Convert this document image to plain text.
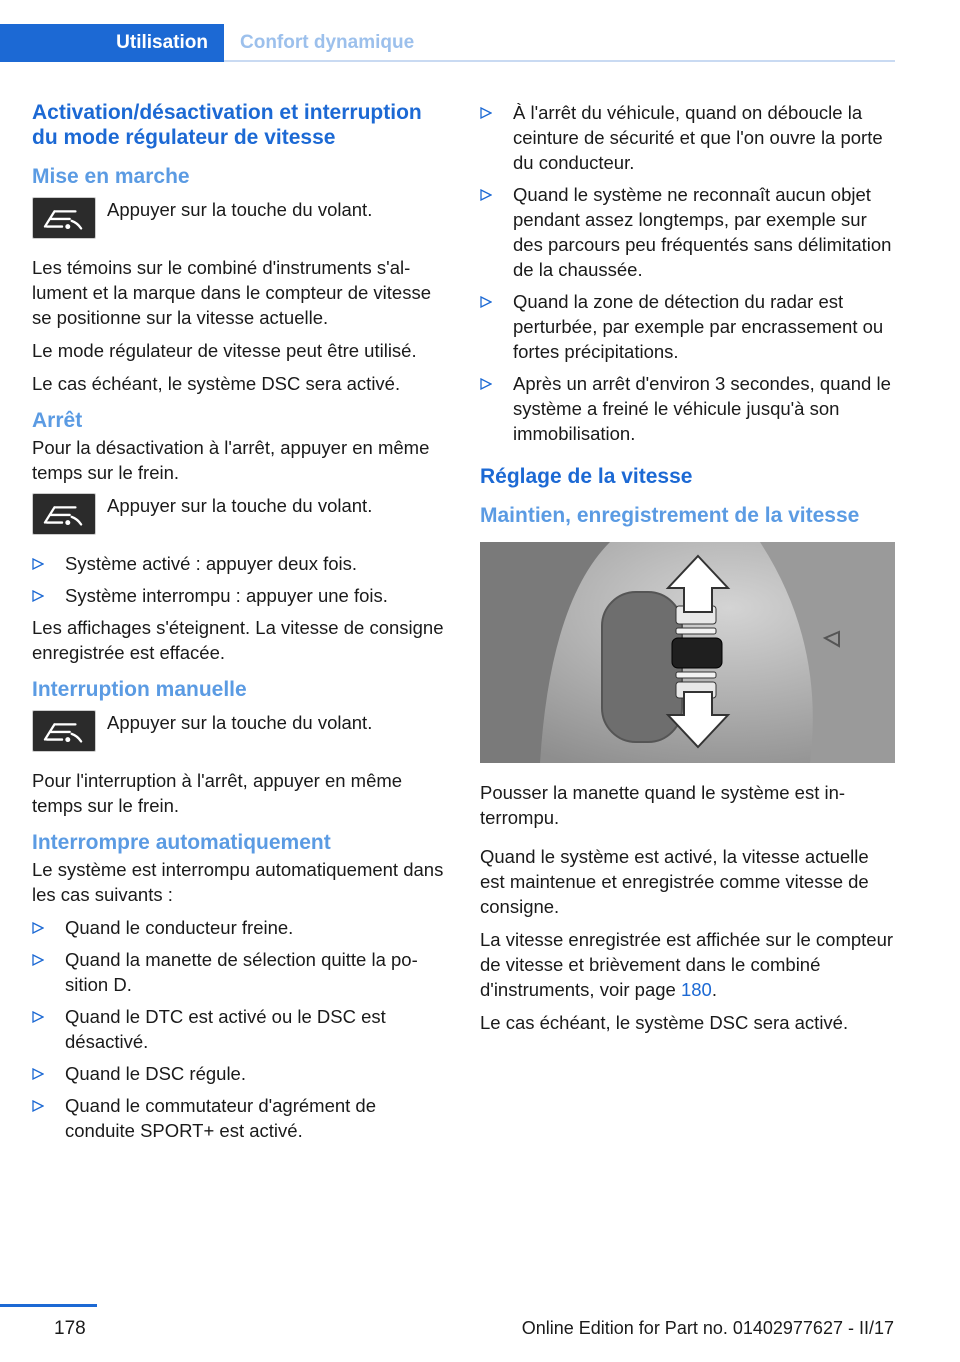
Utilisation	Confort dynamique
Activation/désactivation et interruption du mode régulateur de vitesse
Mise en marche
Appuyer sur la touche du volant.

Les témoins sur le combiné d'instruments s'allument et la marque dans le compteur de vitesse se positionne sur la vitesse actuelle.

Le mode régulateur de vitesse peut être utilisé.

Le cas échéant, le système DSC sera activé.

Arrêt

Pour la désactivation à l'arrêt, appuyer en même temps sur le frein.

Appuyer sur la touche du volant.
Système activé : appuyer deux fois.
Système interrompu : appuyer une fois.

Les affichages s'éteignent. La vitesse de consigne enregistrée est effacée.

Interruption manuelle
Appuyer sur la touche du volant.

Pour l'interruption à l'arrêt, appuyer en même temps sur le frein.

Interrompre automatiquement

Le système est interrompu automatiquement dans les cas suivants :

Quand le conducteur freine.
Quand la manette de sélection quitte la position D.
Quand le DTC est activé ou le DSC est désactivé.
Quand le DSC régule.
Quand le commutateur d'agrément de conduite SPORT+ est activé.
À l'arrêt du véhicule, quand on déboucle la ceinture de sécurité et que l'on ouvre la porte du conducteur.
Quand le système ne reconnaît aucun objet pendant assez longtemps, par exemple sur des parcours peu fréquentés sans délimitation de la chaussée.
Quand la zone de détection du radar est perturbée, par exemple par encrassement ou fortes précipitations.
Après un arrêt d'environ 3 secondes, quand le système a freiné le véhicule jusqu'à son immobilisation.
Réglage de la vitesse
Maintien, enregistrement de la vitesse

Pousser la manette quand le système est interrompu.

Quand le système est activé, la vitesse actuelle est maintenue et enregistrée comme vitesse de consigne.

La vitesse enregistrée est affichée sur le compteur de vitesse et brièvement dans le combiné d'instruments, voir page 180.

Le cas échéant, le système DSC sera activé.

178	Online Edition for Part no. 01402977627 - II/17
